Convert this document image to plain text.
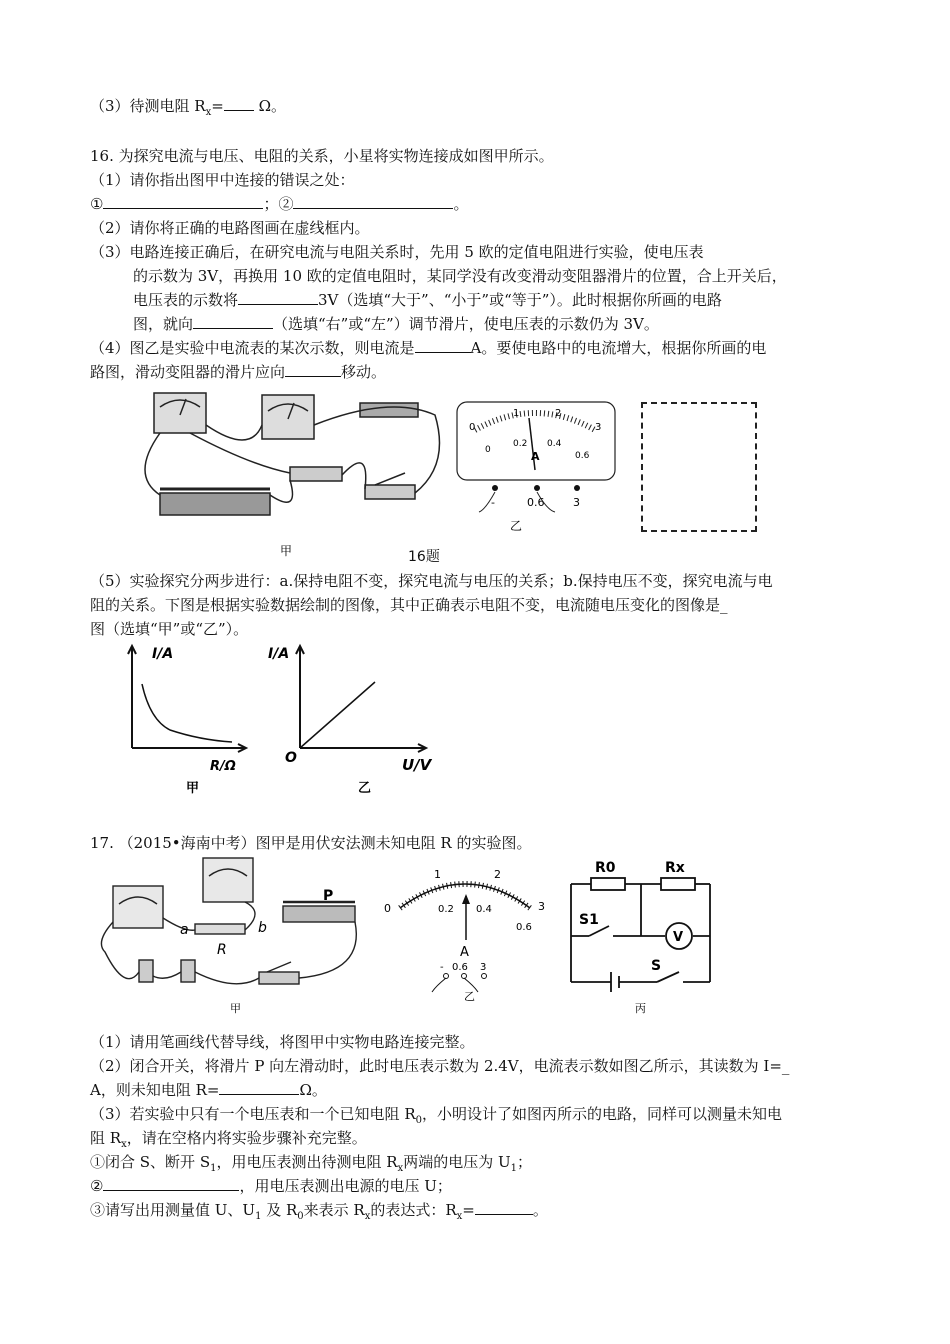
（3）待测电阻 $R_x= \Omega$。
16. 为探究电流与电压、电阻的关系，小星将实物连接成如图甲所示。
（1）请你指出图甲中连接的错误之处：
①	；②	。
（2）请你将正确的电路图画在虚线框内。
（3）电路连接正确后，在研究电流与电阻关系时，先用 5 欧的定值电阻进行实验，使电压表
的示数为 3V，再换用 10 欧的定值电阻时，某同学没有改变滑动变阻器滑片的位置，合上开关后，
电压表的示数将	3V（选填“大于”、“小于”或“等于”）。此时根据你所画的电路
图，就向	（选填“右”或“左”）调节滑片，使电压表的示数仍为 3V。
（4）图乙是实验中电流表的某次示数，则电流是	A。要使电路中的电流增大，根据你所画的电
路图，滑动变阻器的滑片应向	移动。
甲
0
1	2
3
0
0.2 0.4
0.6
A
-	0.6	3
乙
16题
（5）实验探究分两步进行：a.保持电阻不变，探究电流与电压的关系；b.保持电压不变，探究电流与电
阻的关系。下图是根据实验数据绘制的图像，其中正确表示电阻不变，电流随电压变化的图像是_
图（选填“甲”或“乙”）。
I/A
R/Ω
甲
I/A
O	U/V
乙
17. （2015•海南中考）图甲是用伏安法测未知电阻 R 的实验图。
a	b
R
P
甲
0
1	2
3
0.2 0.4
0.6
A
- 0.6 3
乙
R0	Rx
S1
V
S
丙
（1）请用笔画线代替导线，将图甲中实物电路连接完整。
（2）闭合开关，将滑片 P 向左滑动时，此时电压表示数为 2.4V，电流表示数如图乙所示，其读数为 I=_
A，则未知电阻 R=	Ω。
（3）若实验中只有一个电压表和一个已知电阻 $R_0$，小明设计了如图丙所示的电路，同样可以测量未知电
阻 $R_x$，请在空格内将实验步骤补充完整。
①闭合 S、断开 $S_1$，用电压表测出待测电阻 $R_x$两端的电压为 $U_1$；
②	，用电压表测出电源的电压 U；
③请写出用测量值 U、$U_1$ 及 $R_0$来表示 $R_x$的表达式：$R_x=$	。
